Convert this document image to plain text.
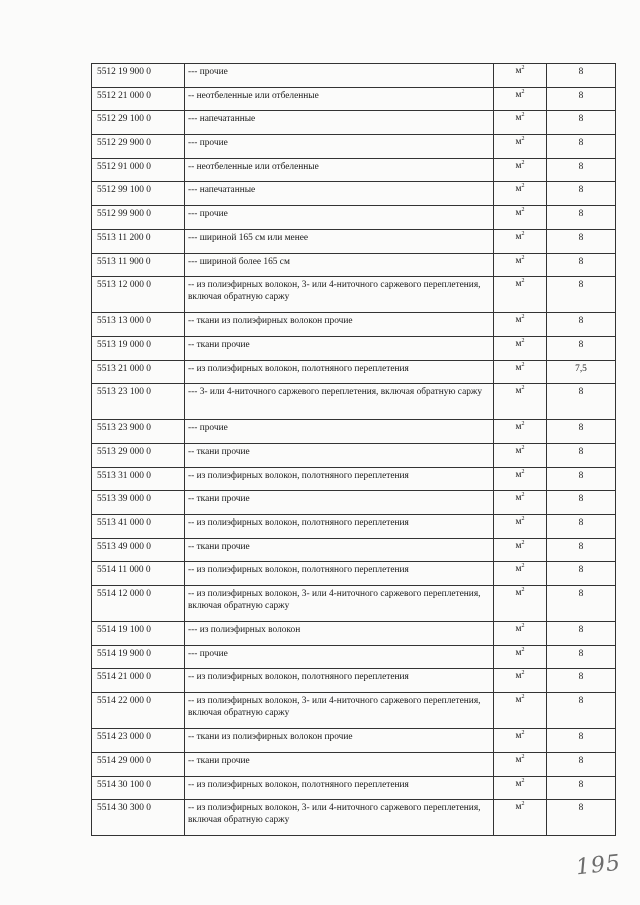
5512 19 900 0	--- прочие	$м^2$	8
5512 21 000 0	-- неотбеленные или отбеленные	$м^2$	8
5512 29 100 0	--- напечатанные	$м^2$	8
5512 29 900 0	--- прочие	$м^2$	8
5512 91 000 0	-- неотбеленные или отбеленные	$м^2$	8
5512 99 100 0	--- напечатанные	$м^2$	8
5512 99 900 0	--- прочие	$м^2$	8
5513 11 200 0	--- шириной 165 см или менее	$м^2$	8
5513 11 900 0	--- шириной более 165 см	$м^2$	8
5513 12 000 0	-- из полиэфирных волокон, 3- или 4-ниточного саржевого переплетения, включая обратную саржу	$м^2$	8
5513 13 000 0	-- ткани из полиэфирных волокон прочие	$м^2$	8
5513 19 000 0	-- ткани прочие	$м^2$	8
5513 21 000 0	-- из полиэфирных волокон, полотняного переплетения	$м^2$	7,5
5513 23 100 0	--- 3- или 4-ниточного саржевого переплетения, включая обратную саржу	$м^2$	8
5513 23 900 0	--- прочие	$м^2$	8
5513 29 000 0	-- ткани прочие	$м^2$	8
5513 31 000 0	-- из полиэфирных волокон, полотняного переплетения	$м^2$	8
5513 39 000 0	-- ткани прочие	$м^2$	8
5513 41 000 0	-- из полиэфирных волокон, полотняного переплетения	$м^2$	8
5513 49 000 0	-- ткани прочие	$м^2$	8
5514 11 000 0	-- из полиэфирных волокон, полотняного переплетения	$м^2$	8
5514 12 000 0	-- из полиэфирных волокон, 3- или 4-ниточного саржевого переплетения, включая обратную саржу	$м^2$	8
5514 19 100 0	--- из полиэфирных волокон	$м^2$	8
5514 19 900 0	--- прочие	$м^2$	8
5514 21 000 0	-- из полиэфирных волокон, полотняного переплетения	$м^2$	8
5514 22 000 0	-- из полиэфирных волокон, 3- или 4-ниточного саржевого переплетения, включая обратную саржу	$м^2$	8
5514 23 000 0	-- ткани из полиэфирных волокон прочие	$м^2$	8
5514 29 000 0	-- ткани прочие	$м^2$	8
5514 30 100 0	-- из полиэфирных волокон, полотняного переплетения	$м^2$	8
5514 30 300 0	-- из полиэфирных волокон, 3- или 4-ниточного саржевого переплетения, включая обратную саржу	$м^2$	8
195
